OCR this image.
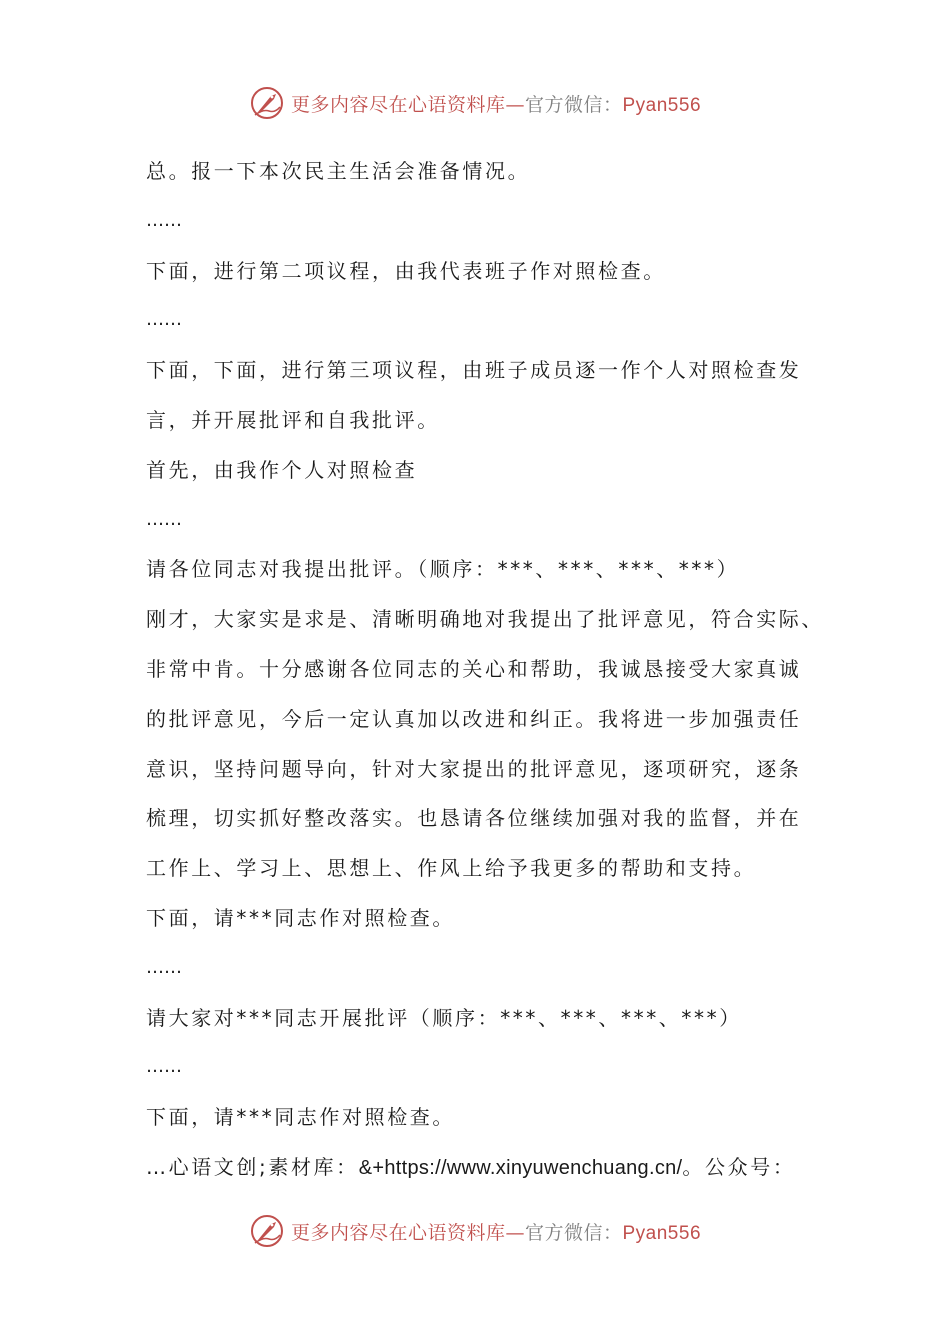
更多内容尽在心语资料库—官方微信：Pyan556
总。报一下本次民主生活会准备情况。
……
下面，进行第二项议程，由我代表班子作对照检查。
……
下面，下面，进行第三项议程，由班子成员逐一作个人对照检查发
言，并开展批评和自我批评。
首先，由我作个人对照检查
……
请各位同志对我提出批评。（顺序：***、***、***、***）
刚才，大家实是求是、清晰明确地对我提出了批评意见，符合实际、
非常中肯。十分感谢各位同志的关心和帮助，我诚恳接受大家真诚
的批评意见，今后一定认真加以改进和纠正。我将进一步加强责任
意识，坚持问题导向，针对大家提出的批评意见，逐项研究，逐条
梳理，切实抓好整改落实。也恳请各位继续加强对我的监督，并在
工作上、学习上、思想上、作风上给予我更多的帮助和支持。
下面，请***同志作对照检查。
……
请大家对***同志开展批评（顺序：***、***、***、***）
……
下面，请***同志作对照检查。
…心语文创;素材库：&+https://www.xinyuwenchuang.cn/。公众号：
更多内容尽在心语资料库—官方微信：Pyan556
